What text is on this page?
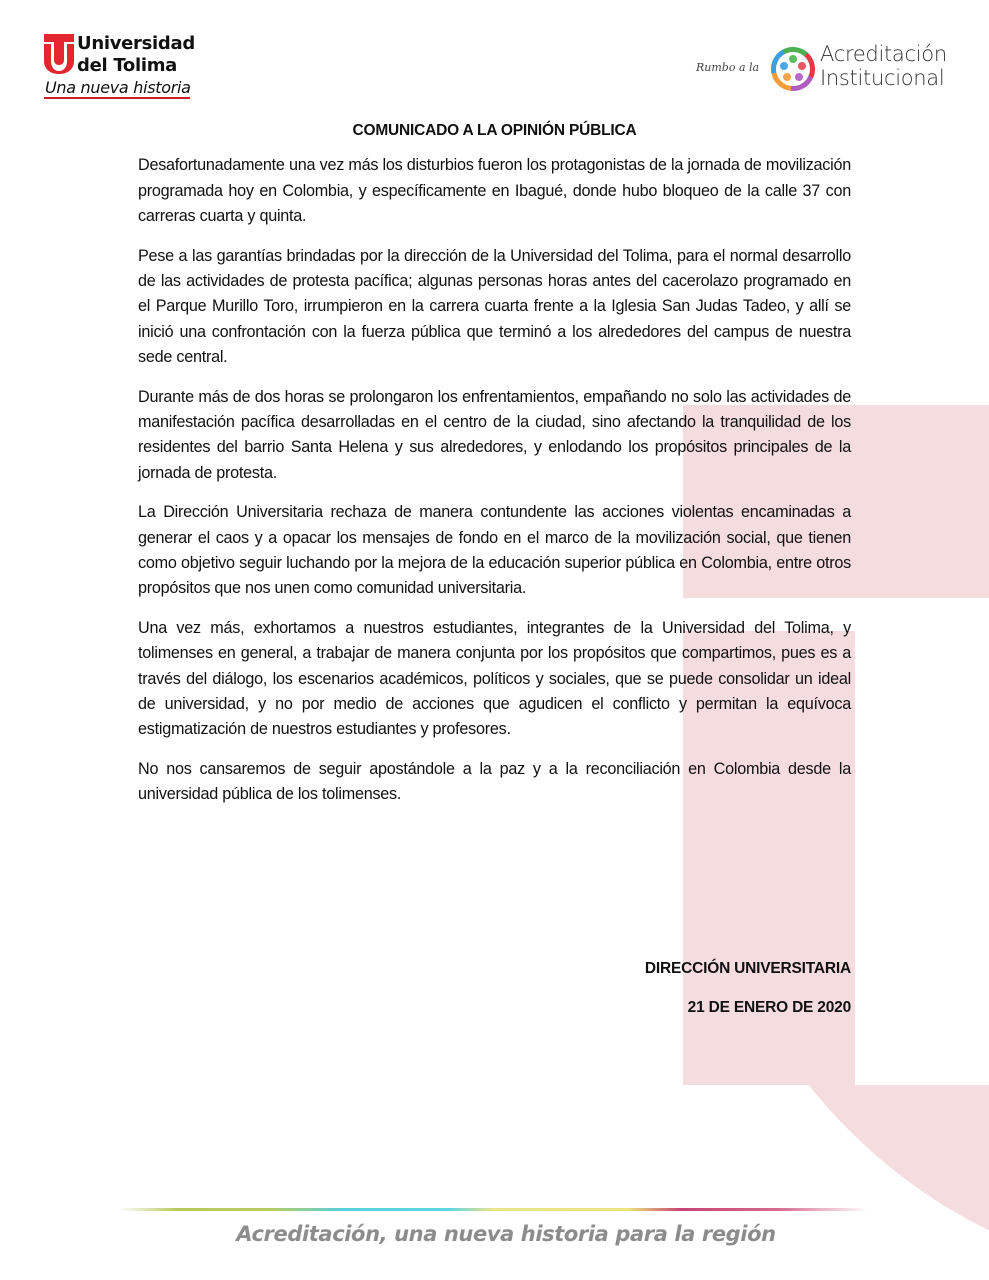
Universidad
del Tolima
Una nueva historia
Rumbo a la
Acreditación
Institucional
COMUNICADO A LA OPINIÓN PÚBLICA

Desafortunadamente una vez más los disturbios fueron los protagonistas de la jornada de movilización programada hoy en Colombia, y específicamente en Ibagué, donde hubo bloqueo de la calle 37 con carreras cuarta y quinta.

Pese a las garantías brindadas por la dirección de la Universidad del Tolima, para el normal desarrollo de las actividades de protesta pacífica; algunas personas horas antes del cacerolazo programado en el Parque Murillo Toro, irrumpieron en la carrera cuarta frente a la Iglesia San Judas Tadeo, y allí se inició una confrontación con la fuerza pública que terminó a los alrededores del campus de nuestra sede central.

Durante más de dos horas se prolongaron los enfrentamientos, empañando no solo las actividades de manifestación pacífica desarrolladas en el centro de la ciudad, sino afectando la tranquilidad de los residentes del barrio Santa Helena y sus alrededores, y enlodando los propósitos principales de la jornada de protesta.

La Dirección Universitaria rechaza de manera contundente las acciones violentas encaminadas a generar el caos y a opacar los mensajes de fondo en el marco de la movilización social, que tienen como objetivo seguir luchando por la mejora de la educación superior pública en Colombia, entre otros propósitos que nos unen como comunidad universitaria.

Una vez más, exhortamos a nuestros estudiantes, integrantes de la Universidad del Tolima, y tolimenses en general, a trabajar de manera conjunta por los propósitos que compartimos, pues es a través del diálogo, los escenarios académicos, políticos y sociales, que se puede consolidar un ideal de universidad, y no por medio de acciones que agudicen el conflicto y permitan la equívoca estigmatización de nuestros estudiantes y profesores.

No nos cansaremos de seguir apostándole a la paz y a la reconciliación en Colombia desde la universidad pública de los tolimenses.

DIRECCIÓN UNIVERSITARIA
21 DE ENERO DE 2020
Acreditación, una nueva historia para la región
